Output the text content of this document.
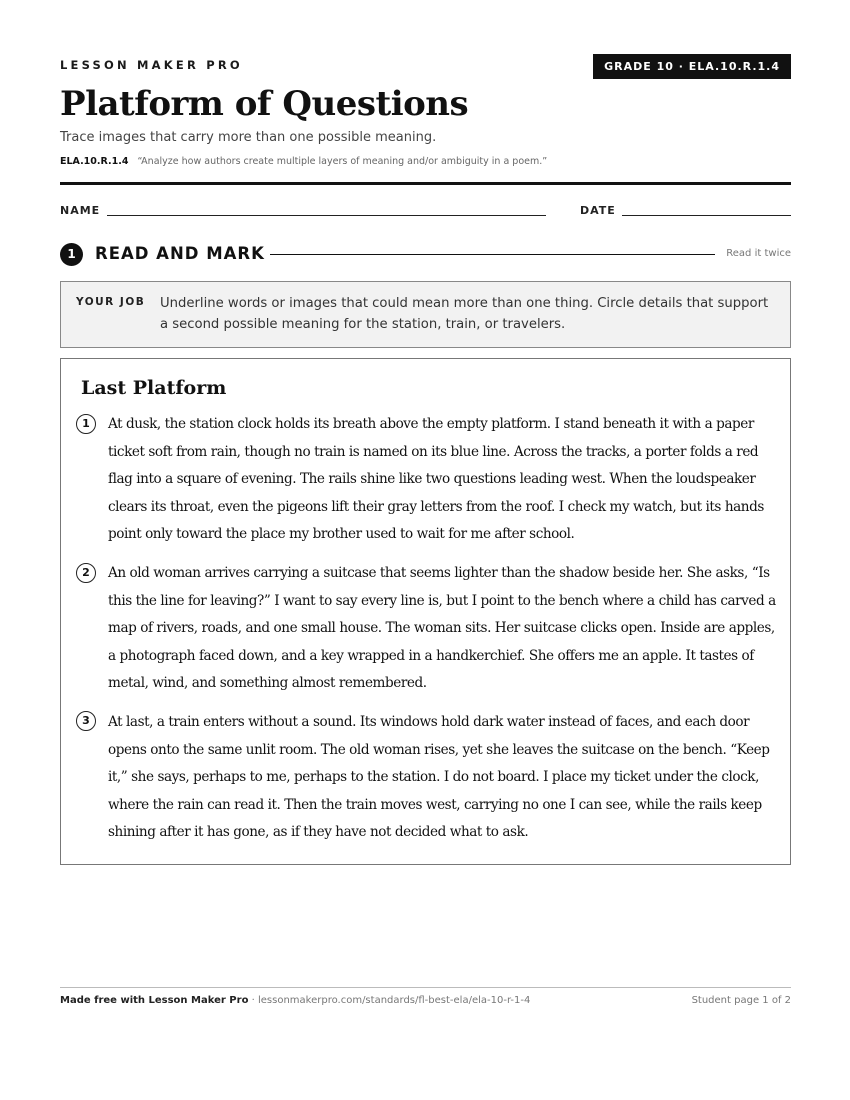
LESSON MAKER PRO	GRADE 10 · ELA.10.R.1.4
Platform of Questions
Trace images that carry more than one possible meaning.
ELA.10.R.1.4 “Analyze how authors create multiple layers of meaning and/or ambiguity in a poem.”
NAME	DATE
1	READ AND MARK	Read it twice
YOUR JOB Underline words or images that could mean more than one thing. Circle details that support a second possible meaning for the station, train, or travelers.
Last Platform
1	At dusk, the station clock holds its breath above the empty platform. I stand beneath it with a paper ticket soft from rain, though no train is named on its blue line. Across the tracks, a porter folds a red flag into a square of evening. The rails shine like two questions leading west. When the loudspeaker clears its throat, even the pigeons lift their gray letters from the roof. I check my watch, but its hands point only toward the place my brother used to wait for me after school.
2	An old woman arrives carrying a suitcase that seems lighter than the shadow beside her. She asks, “Is this the line for leaving?” I want to say every line is, but I point to the bench where a child has carved a map of rivers, roads, and one small house. The woman sits. Her suitcase clicks open. Inside are apples, a photograph faced down, and a key wrapped in a handkerchief. She offers me an apple. It tastes of metal, wind, and something almost remembered.
3	At last, a train enters without a sound. Its windows hold dark water instead of faces, and each door opens onto the same unlit room. The old woman rises, yet she leaves the suitcase on the bench. “Keep it,” she says, perhaps to me, perhaps to the station. I do not board. I place my ticket under the clock, where the rain can read it. Then the train moves west, carrying no one I can see, while the rails keep shining after it has gone, as if they have not decided what to ask.
Made free with Lesson Maker Pro · lessonmakerpro.com/standards/fl-best-ela/ela-10-r-1-4	Student page 1 of 2
